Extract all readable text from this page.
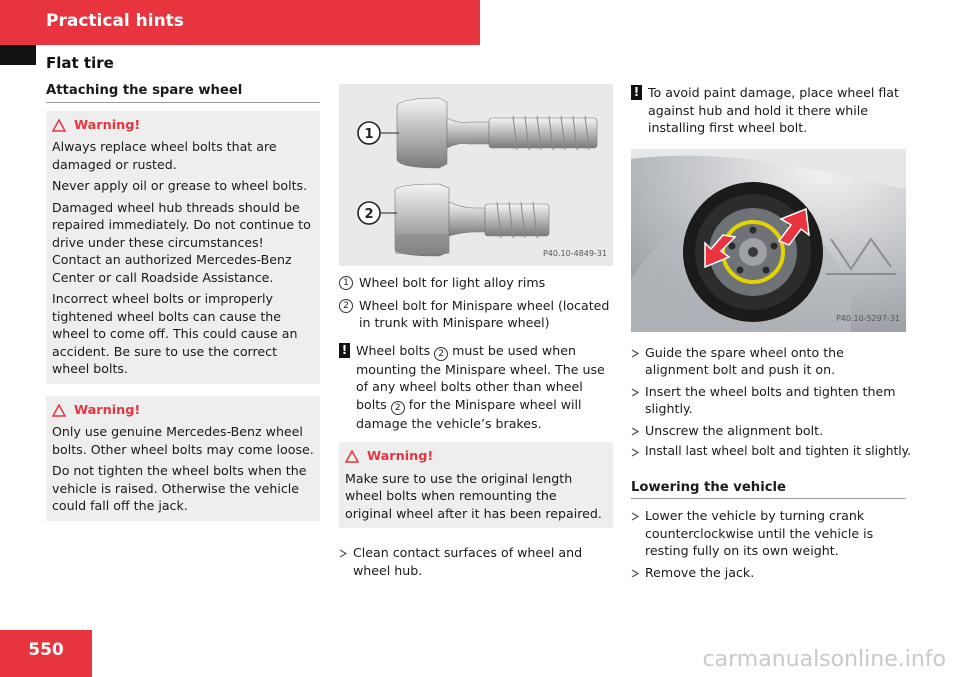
Practical hints
Flat tire
Attaching the spare wheel
Warning!

Always replace wheel bolts that are damaged or rusted.

Never apply oil or grease to wheel bolts.

Damaged wheel hub threads should be repaired immediately. Do not continue to drive under these circumstances! Contact an authorized Mercedes-Benz Center or call Roadside Assistance.

Incorrect wheel bolts or improperly tightened wheel bolts can cause the wheel to come off. This could cause an accident. Be sure to use the correct wheel bolts.

Warning!

Only use genuine Mercedes-Benz wheel bolts. Other wheel bolts may come loose.

Do not tighten the wheel bolts when the vehicle is raised. Otherwise the vehicle could fall off the jack.

1
2
P40.10-4849-31
1 Wheel bolt for light alloy rims
2 Wheel bolt for Minispare wheel (located in trunk with Minispare wheel)
! Wheel bolts 2 must be used when mounting the Minispare wheel. The use of any wheel bolts other than wheel bolts 2 for the Minispare wheel will damage the vehicle’s brakes.
Warning!

Make sure to use the original length wheel bolts when remounting the original wheel after it has been repaired.

Clean contact surfaces of wheel and wheel hub.
! To avoid paint damage, place wheel flat against hub and hold it there while installing first wheel bolt.
P40.10-5297-31
Guide the spare wheel onto the alignment bolt and push it on.
Insert the wheel bolts and tighten them slightly.
Unscrew the alignment bolt.
Install last wheel bolt and tighten it slightly.
Lowering the vehicle
Lower the vehicle by turning crank counterclockwise until the vehicle is resting fully on its own weight.
Remove the jack.
550	carmanualsonline.info
